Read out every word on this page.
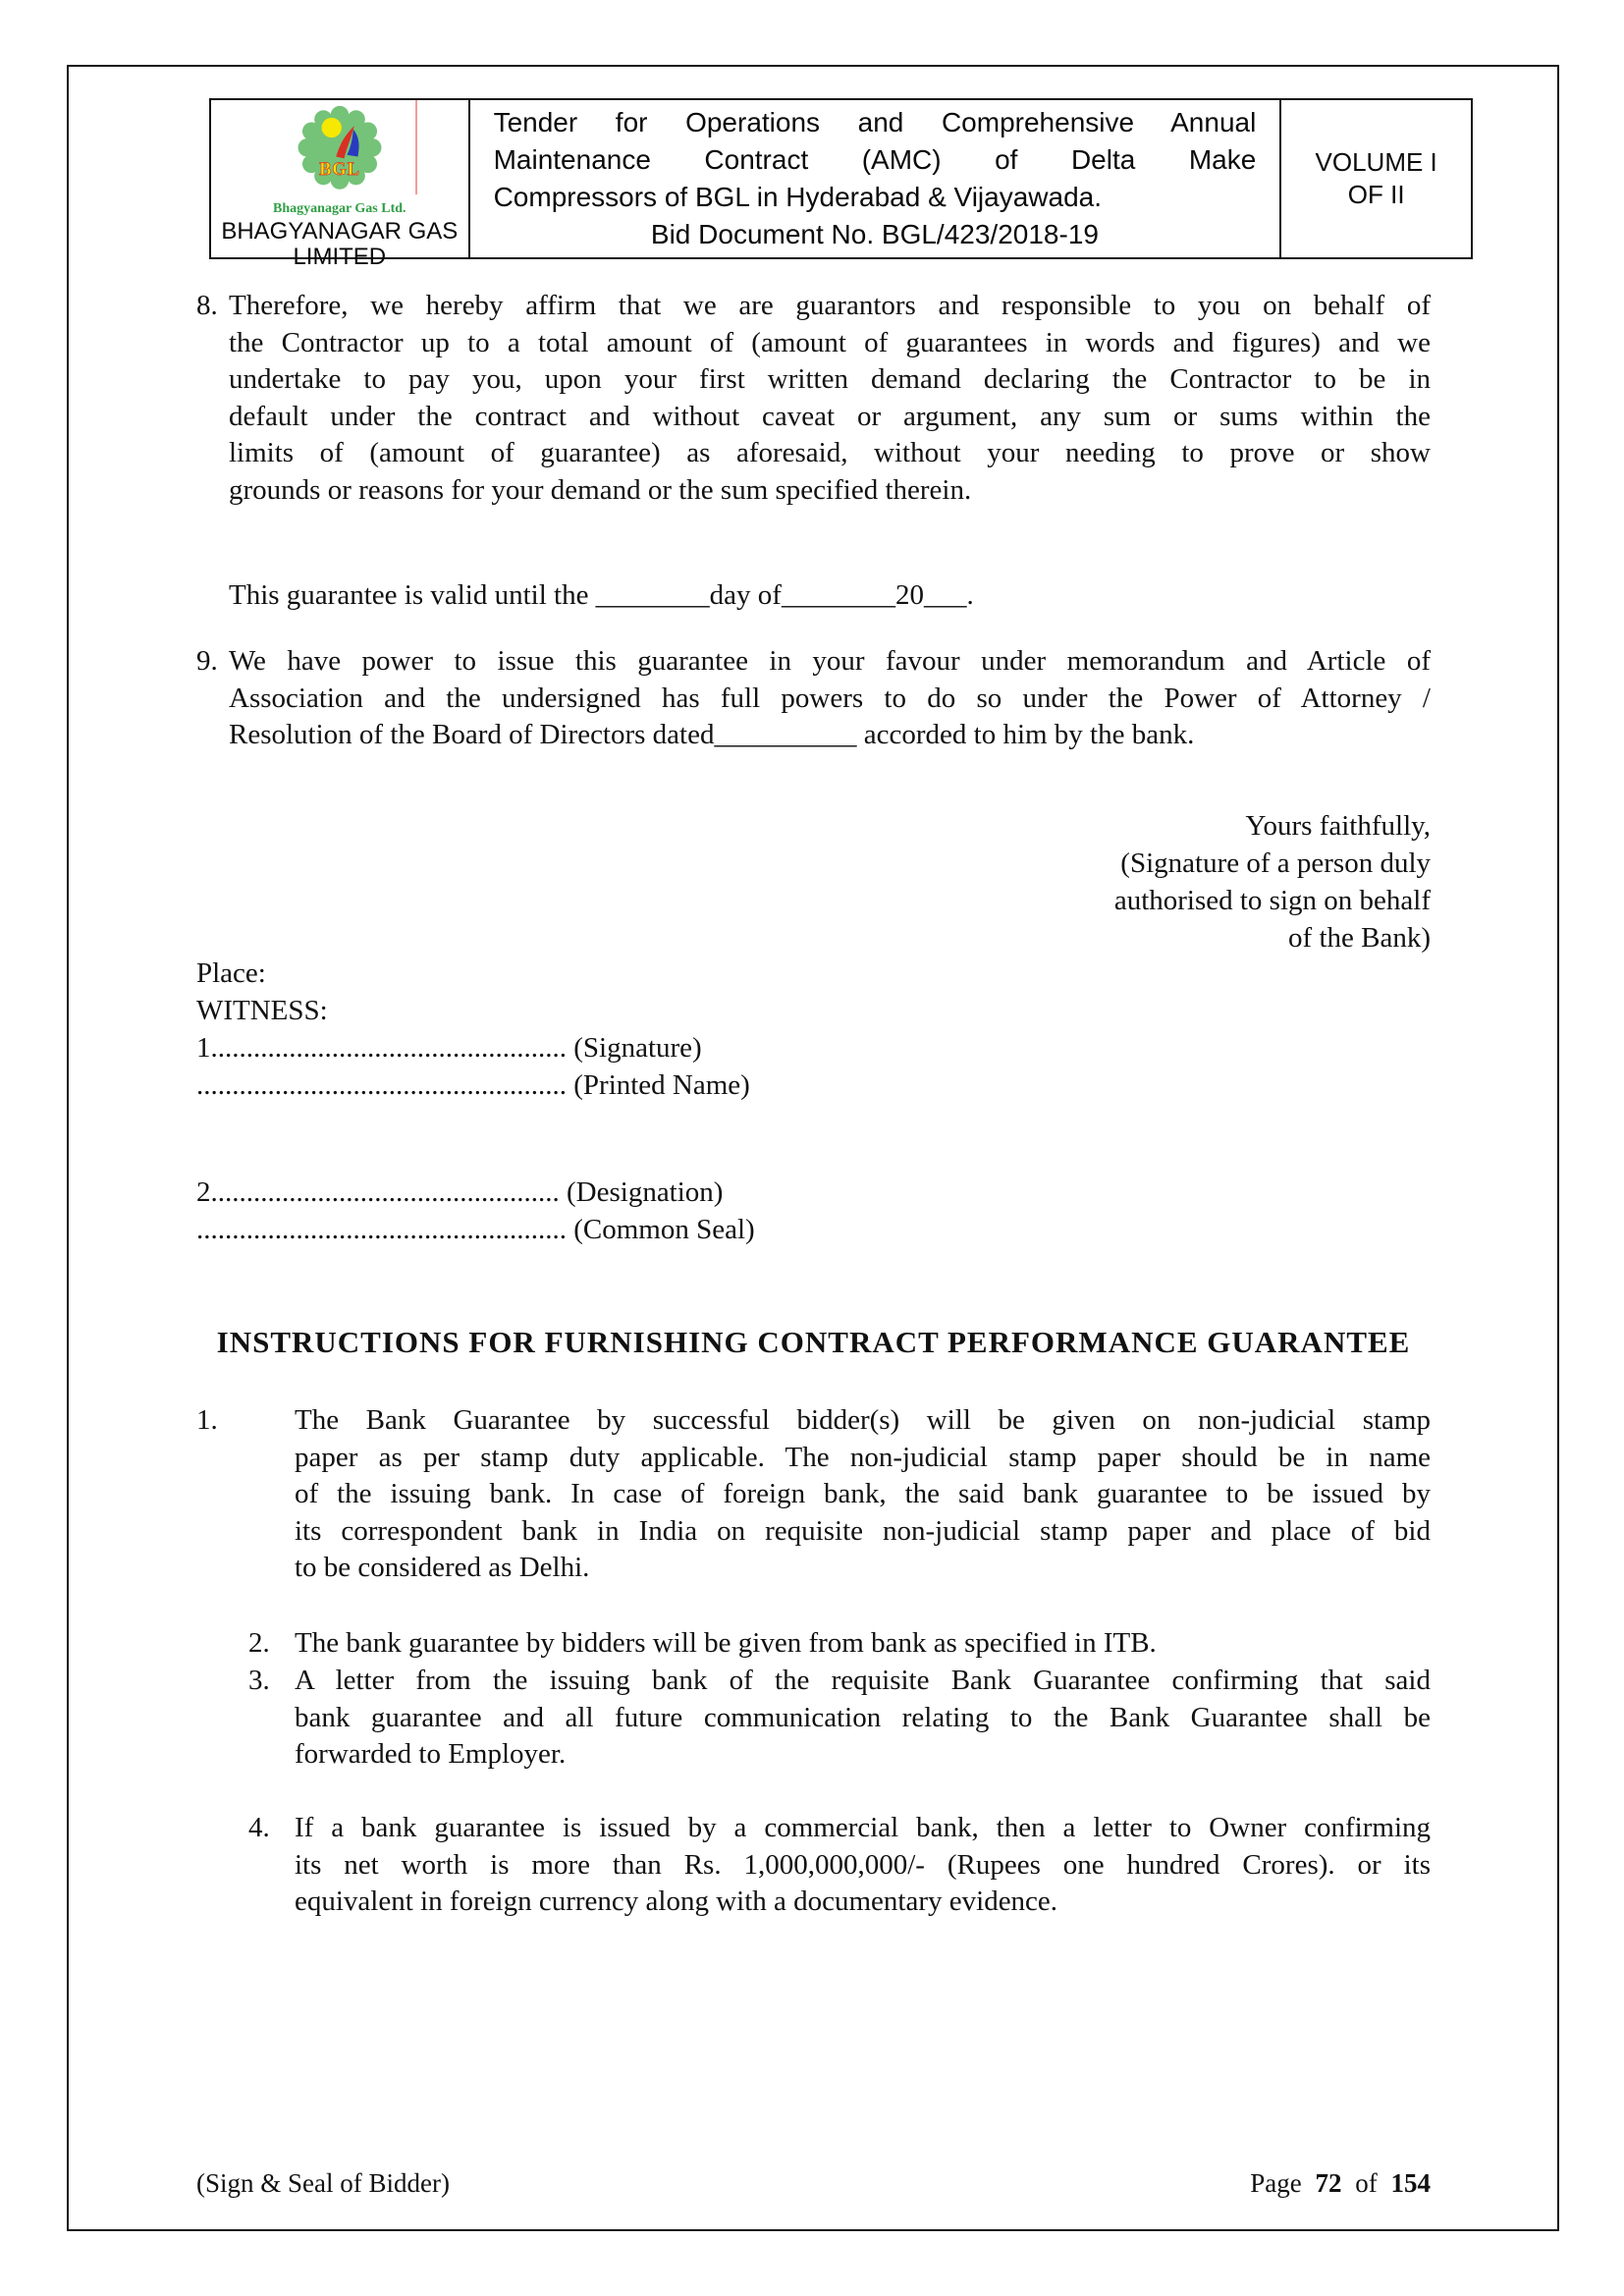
BGL
Bhagyanagar Gas Ltd.
BHAGYANAGAR GAS
LIMITED
Tender for Operations and Comprehensive Annual
Maintenance Contract (AMC) of Delta Make
Compressors of BGL in Hyderabad & Vijayawada.
Bid Document No. BGL/423/2018-19
VOLUME I
OF II
8. Therefore, we hereby affirm that we are guarantors and responsible to you on behalf of
the Contractor up to a total amount of (amount of guarantees in words and figures) and we
undertake to pay you, upon your first written demand declaring the Contractor to be in
default under the contract and without caveat or argument, any sum or sums within the
limits of (amount of guarantee) as aforesaid, without your needing to prove or show
grounds or reasons for your demand or the sum specified therein.
This guarantee is valid until the ________day of________20___.
9. We have power to issue this guarantee in your favour under memorandum and Article of
Association and the undersigned has full powers to do so under the Power of Attorney /
Resolution of the Board of Directors dated__________ accorded to him by the bank.
Yours faithfully,
(Signature of a person duly
authorised to sign on behalf
of the Bank)
Place:
WITNESS:
1.................................................. (Signature)
.................................................... (Printed Name)
2................................................. (Designation)
.................................................... (Common Seal)
INSTRUCTIONS FOR FURNISHING CONTRACT PERFORMANCE GUARANTEE
1.	The Bank Guarantee by successful bidder(s) will be given on non-judicial stamp
paper as per stamp duty applicable. The non-judicial stamp paper should be in name
of the issuing bank. In case of foreign bank, the said bank guarantee to be issued by
its correspondent bank in India on requisite non-judicial stamp paper and place of bid
to be considered as Delhi.
2. The bank guarantee by bidders will be given from bank as specified in ITB.
3. A letter from the issuing bank of the requisite Bank Guarantee confirming that said
bank guarantee and all future communication relating to the Bank Guarantee shall be
forwarded to Employer.
4. If a bank guarantee is issued by a commercial bank, then a letter to Owner confirming
its net worth is more than Rs. 1,000,000,000/- (Rupees one hundred Crores). or its
equivalent in foreign currency along with a documentary evidence.
(Sign & Seal of Bidder)	Page 72 of 154
